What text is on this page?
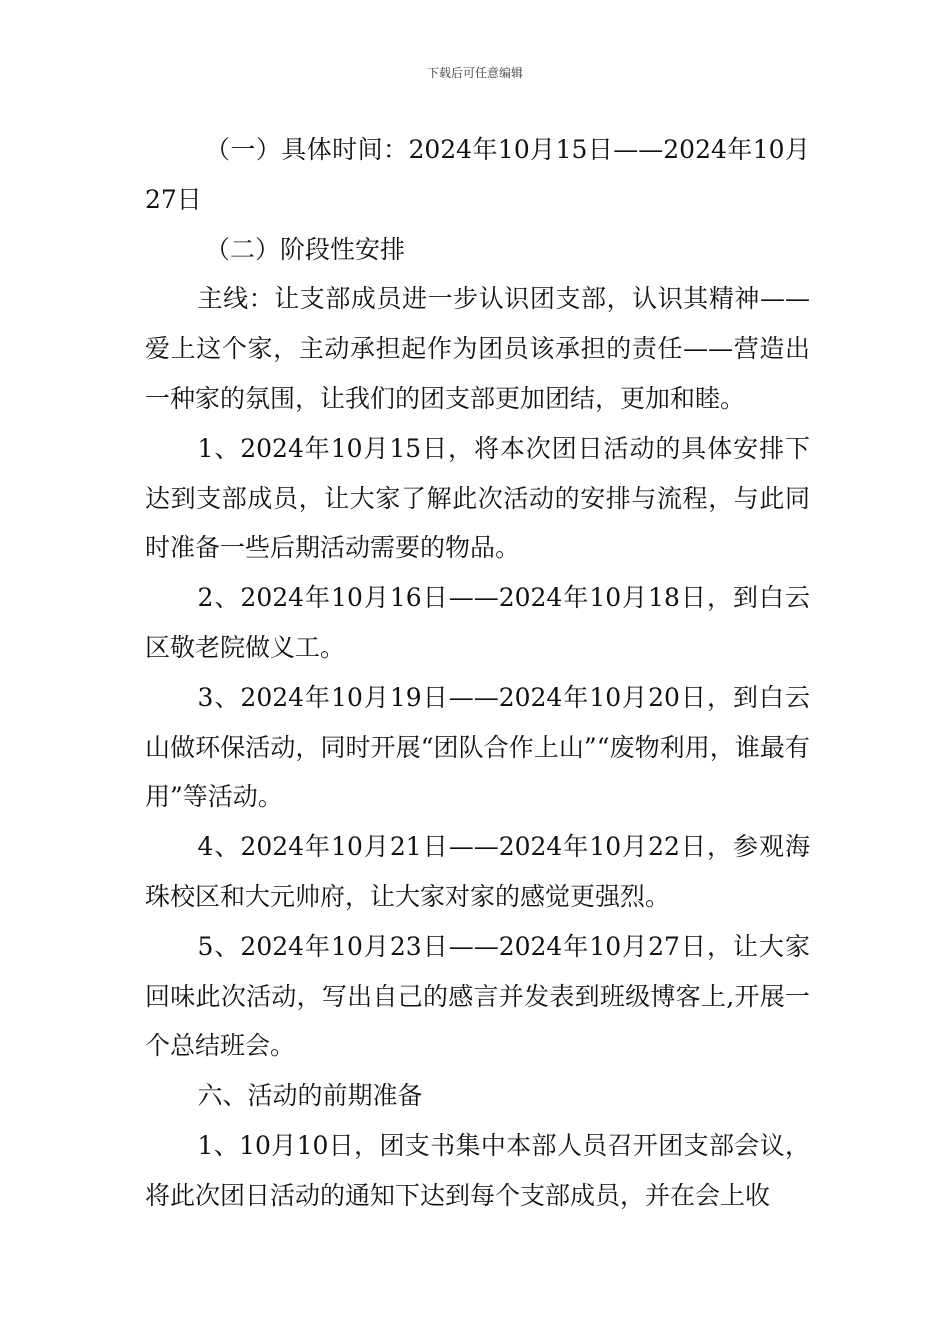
下载后可任意编辑

（一）具体时间：2024年10月15日——2024年10月27日

（二）阶段性安排

主线：让支部成员进一步认识团支部，认识其精神——爱上这个家，主动承担起作为团员该承担的责任——营造出一种家的氛围，让我们的团支部更加团结，更加和睦。

1、2024年10月15日，将本次团日活动的具体安排下达到支部成员，让大家了解此次活动的安排与流程，与此同时准备一些后期活动需要的物品。

2、2024年10月16日——2024年10月18日，到白云区敬老院做义工。

3、2024年10月19日——2024年10月20日，到白云山做环保活动，同时开展“团队合作上山”“废物利用，谁最有用”等活动。

4、2024年10月21日——2024年10月22日，参观海珠校区和大元帅府，让大家对家的感觉更强烈。

5、2024年10月23日——2024年10月27日，让大家回味此次活动，写出自己的感言并发表到班级博客上,开展一个总结班会。

六、活动的前期准备

1、10月10日，团支书集中本部人员召开团支部会议，将此次团日活动的通知下达到每个支部成员，并在会上收
